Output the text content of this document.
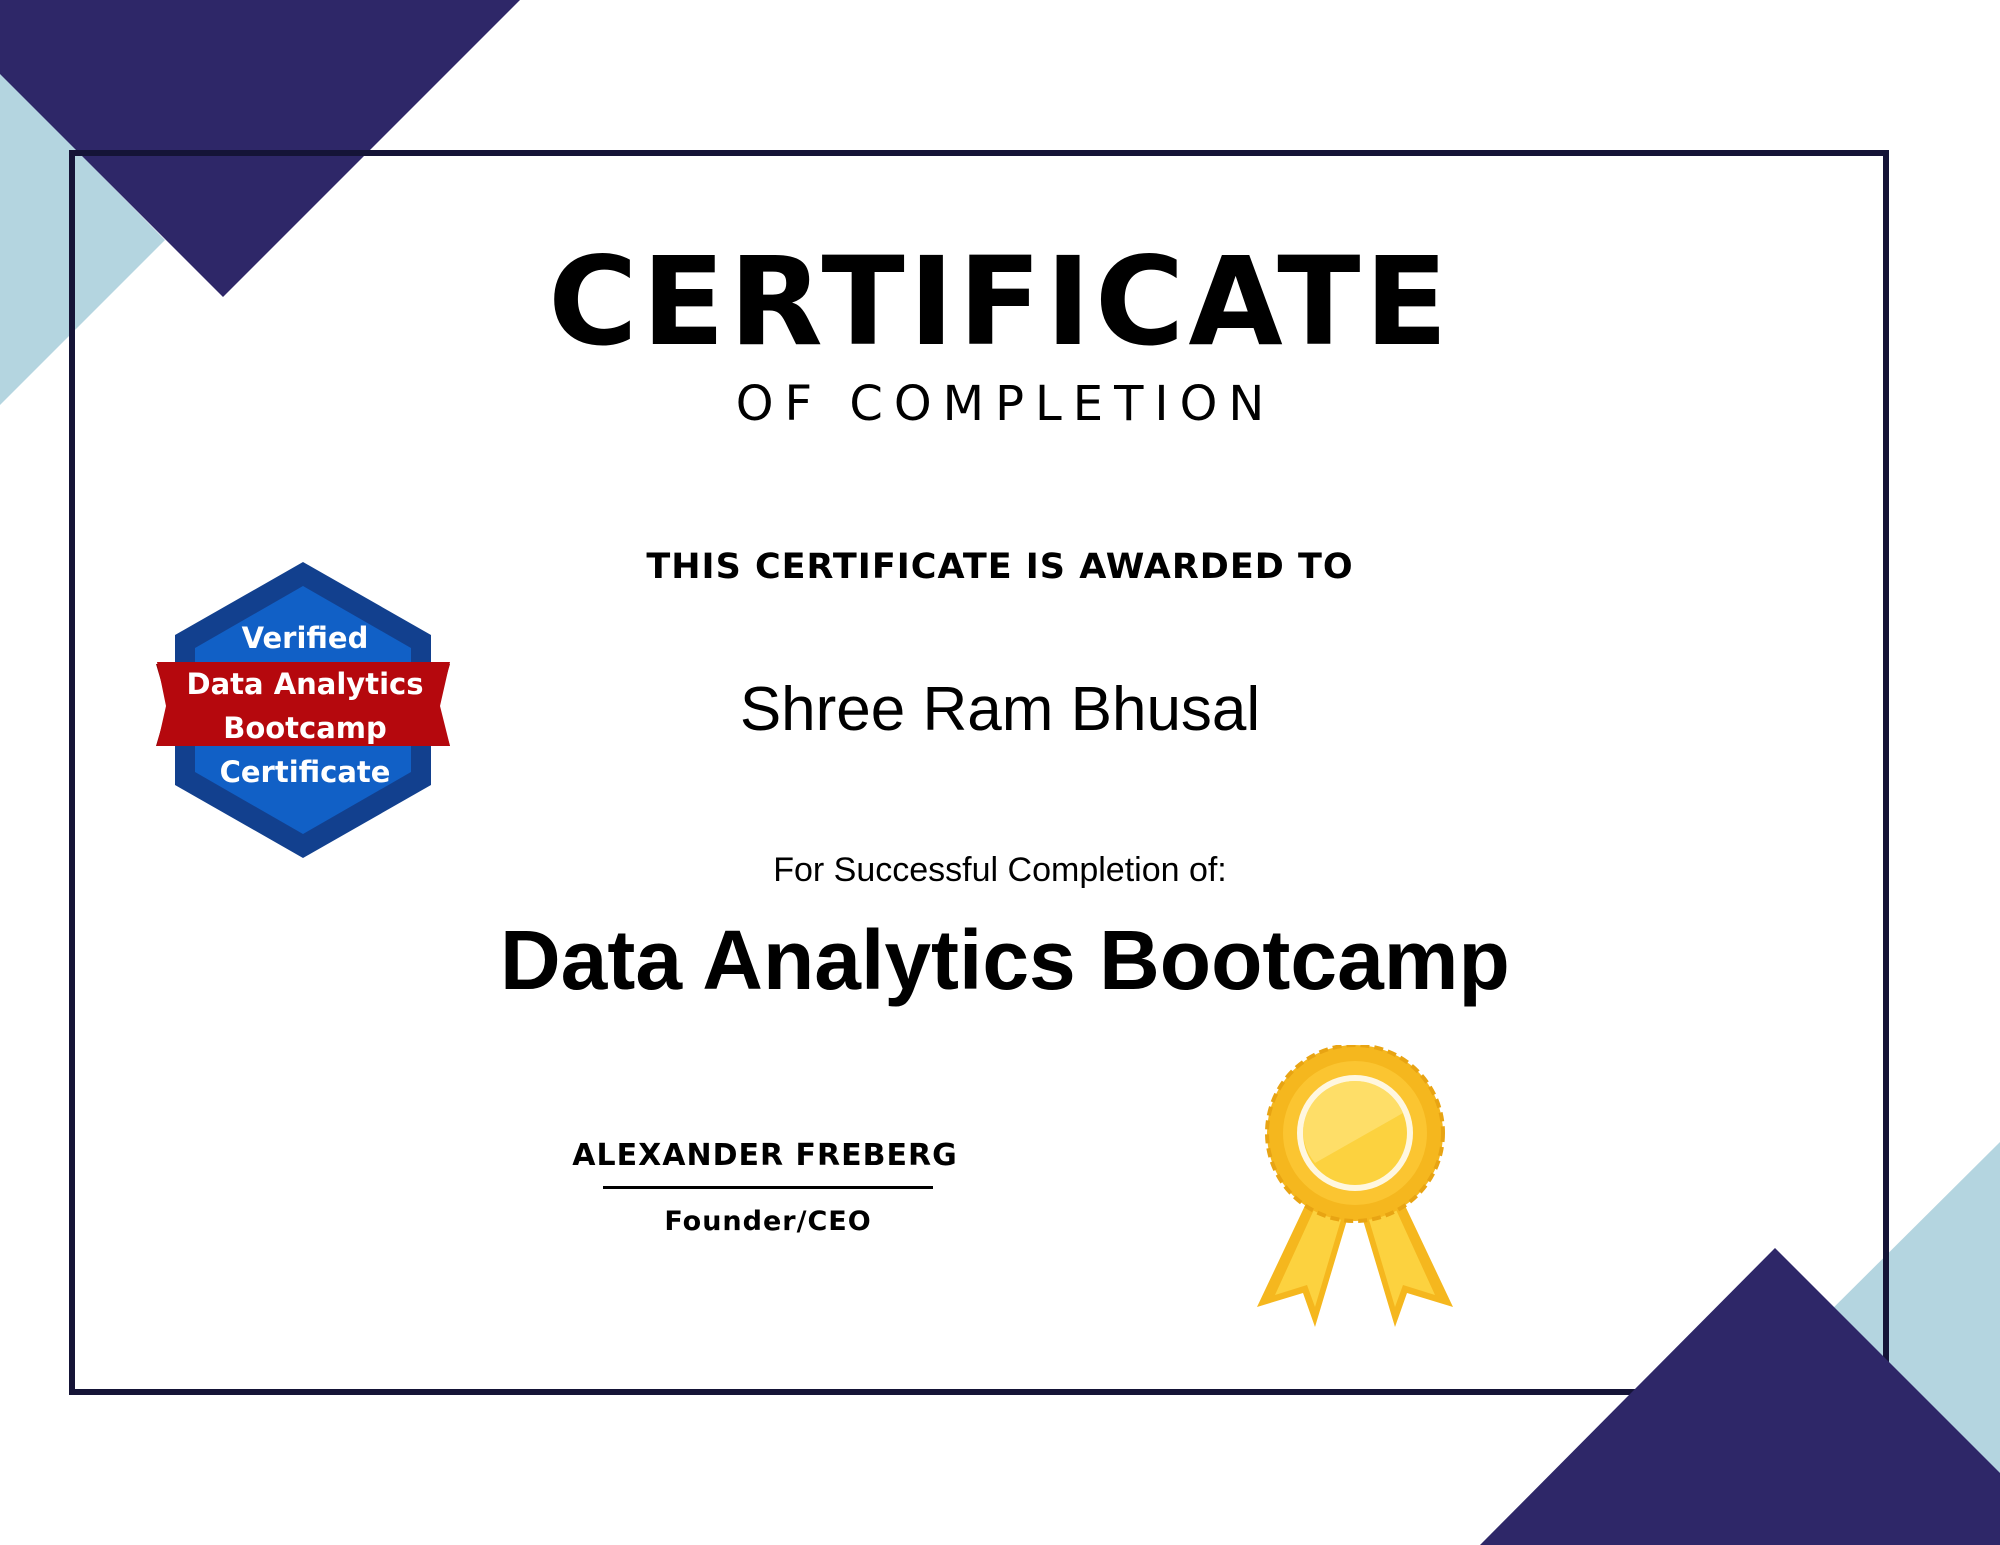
CERTIFICATE
OF COMPLETION
THIS CERTIFICATE IS AWARDED TO
Shree Ram Bhusal
For Successful Completion of:
Data Analytics Bootcamp
ALEXANDER FREBERG
Founder/CEO
Verified
Data Analytics
Bootcamp
Certificate
